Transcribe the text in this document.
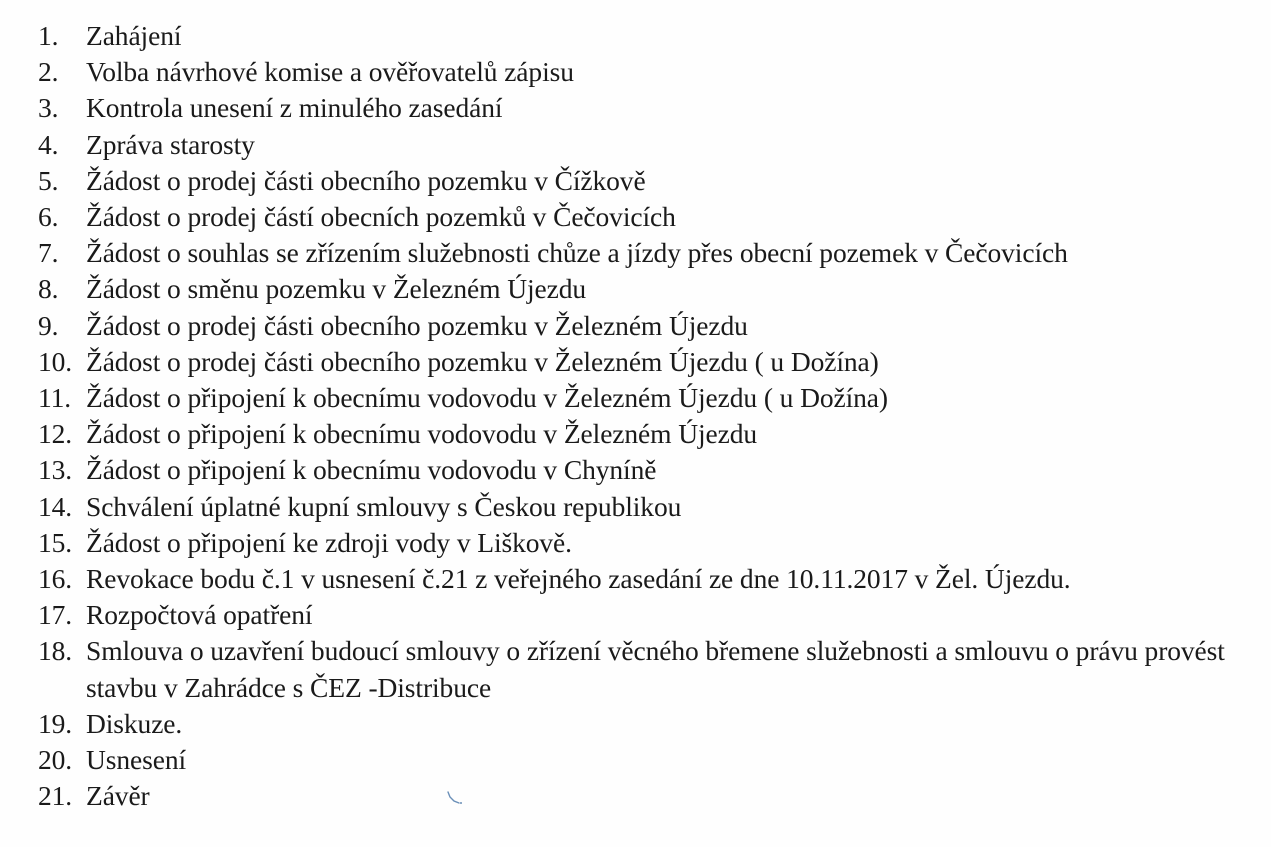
1.	Zahájení
2.	Volba návrhové komise a ověřovatelů zápisu
3.	Kontrola unesení z minulého zasedání
4.	Zpráva starosty
5.	Žádost o prodej části obecního pozemku v Čížkově
6.	Žádost o prodej částí obecních pozemků v Čečovicích
7.	Žádost o souhlas se zřízením služebnosti chůze a jízdy přes obecní pozemek v Čečovicích
8.	Žádost o směnu pozemku v Železném Újezdu
9.	Žádost o prodej části obecního pozemku v Železném Újezdu
10. Žádost o prodej části obecního pozemku v Železném Újezdu ( u Dožína)
11. Žádost o připojení k obecnímu vodovodu v Železném Újezdu ( u Dožína)
12. Žádost o připojení k obecnímu vodovodu v Železném Újezdu
13. Žádost o připojení k obecnímu vodovodu v Chyníně
14. Schválení úplatné kupní smlouvy s Českou republikou
15. Žádost o připojení ke zdroji vody v Liškově.
16. Revokace bodu č.1 v usnesení č.21 z veřejného zasedání ze dne 10.11.2017 v Žel. Újezdu.
17. Rozpočtová opatření
18. Smlouva o uzavření budoucí smlouvy o zřízení věcného břemene služebnosti a smlouvu o právu provést stavbu v Zahrádce s ČEZ -Distribuce
19. Diskuze.
20. Usnesení
21. Závěr
